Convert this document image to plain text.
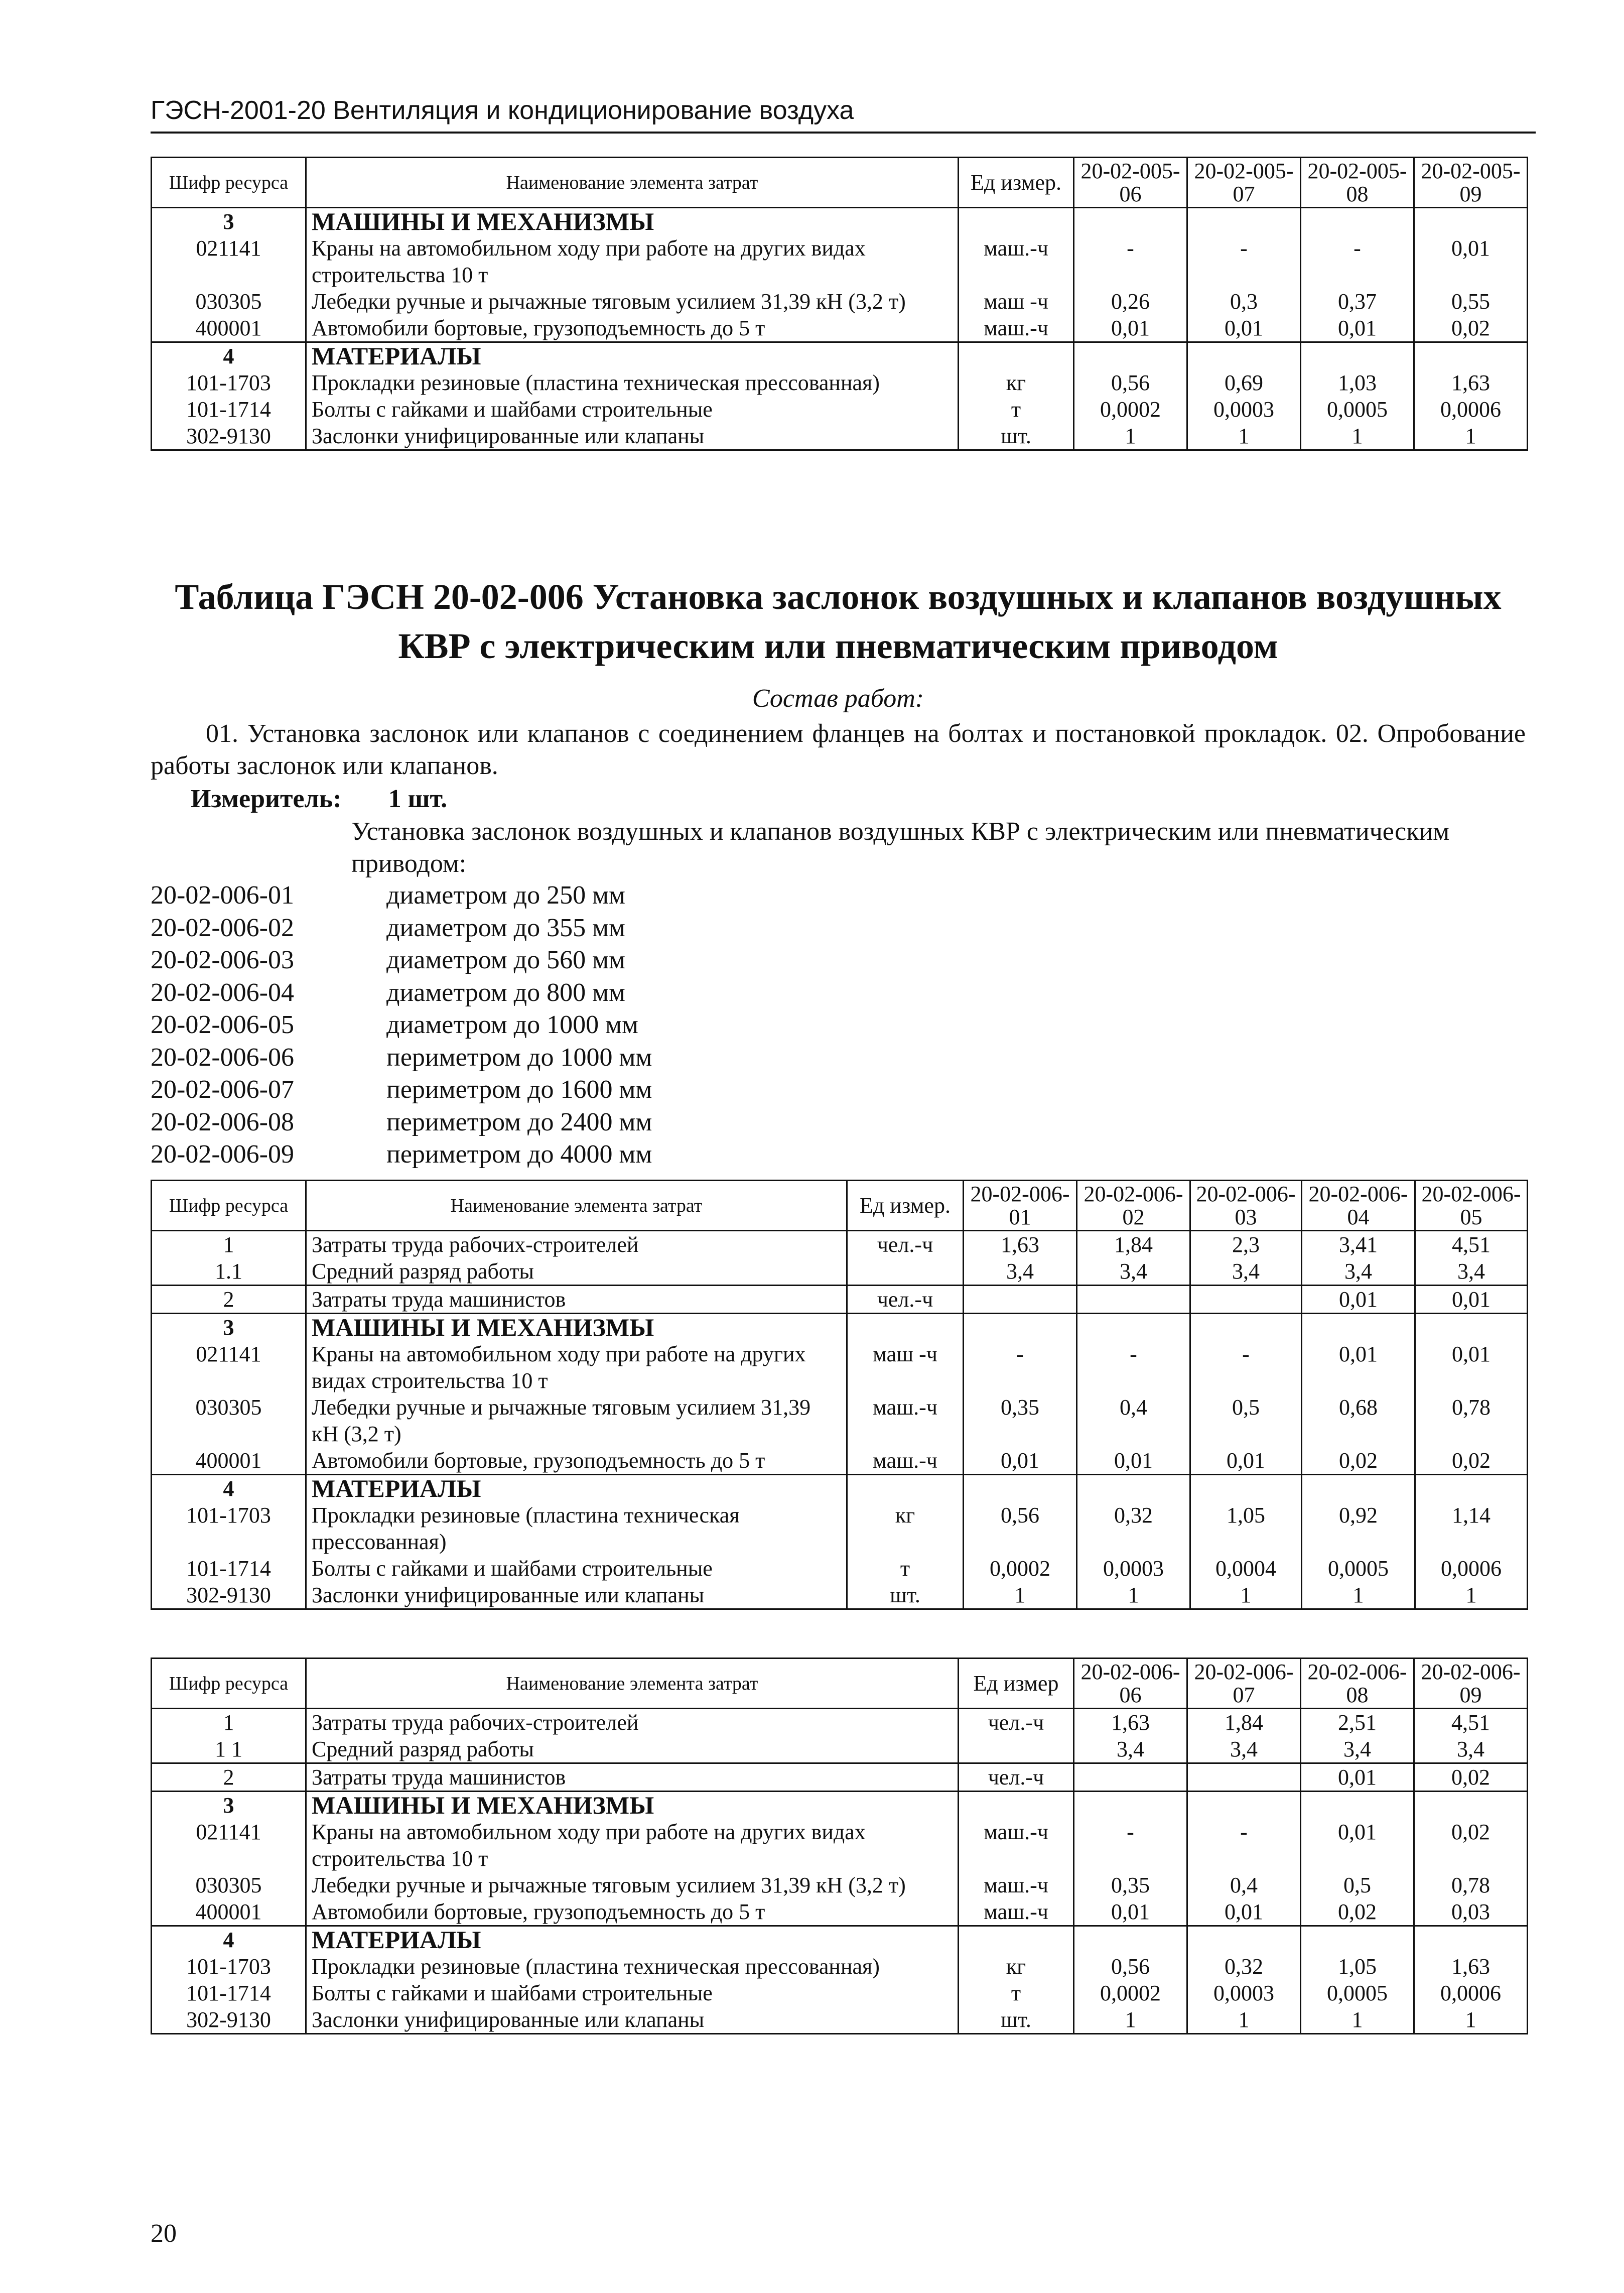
ГЭСН-2001-20 Вентиляция и кондиционирование воздуха
Шифр ресурса	Наименование элемента затрат	Ед измер.	20-02-005-06	20-02-005-07	20-02-005-08	20-02-005-09
3	МАШИНЫ И МЕХАНИЗМЫ					
021141	Краны на автомобильном ходу при работе на других видах строительства 10 т	маш.-ч	-	-	-	0,01
030305	Лебедки ручные и рычажные тяговым усилием 31,39 кН (3,2 т)	маш -ч	0,26	0,3	0,37	0,55
400001	Автомобили бортовые, грузоподъемность до 5 т	маш.-ч	0,01	0,01	0,01	0,02
4	МАТЕРИАЛЫ					
101-1703	Прокладки резиновые (пластина техническая прессованная)	кг	0,56	0,69	1,03	1,63
101-1714	Болты с гайками и шайбами строительные	т	0,0002	0,0003	0,0005	0,0006
302-9130	Заслонки унифицированные или клапаны	шт.	1	1	1	1
Таблица ГЭСН 20-02-006 Установка заслонок воздушных и клапанов воздушных КВР с электрическим или пневматическим приводом
Состав работ:
01. Установка заслонок или клапанов с соединением фланцев на болтах и постановкой прокладок. 02. Опробование работы заслонок или клапанов.
Измеритель: 1 шт.
Установка заслонок воздушных и клапанов воздушных КВР с электрическим или пневматическим приводом:
20-02-006-01	диаметром до 250 мм
20-02-006-02	диаметром до 355 мм
20-02-006-03	диаметром до 560 мм
20-02-006-04	диаметром до 800 мм
20-02-006-05	диаметром до 1000 мм
20-02-006-06	периметром до 1000 мм
20-02-006-07	периметром до 1600 мм
20-02-006-08	периметром до 2400 мм
20-02-006-09	периметром до 4000 мм
Шифр ресурса	Наименование элемента затрат	Ед измер.	20-02-006-01	20-02-006-02	20-02-006-03	20-02-006-04	20-02-006-05
1	Затраты труда рабочих-строителей	чел.-ч	1,63	1,84	2,3	3,41	4,51
1.1	Средний разряд работы		3,4	3,4	3,4	3,4	3,4
2	Затраты труда машинистов	чел.-ч				0,01	0,01
3	МАШИНЫ И МЕХАНИЗМЫ						
021141	Краны на автомобильном ходу при работе на других видах строительства 10 т	маш -ч	-	-	-	0,01	0,01
030305	Лебедки ручные и рычажные тяговым усилием 31,39 кН (3,2 т)	маш.-ч	0,35	0,4	0,5	0,68	0,78
400001	Автомобили бортовые, грузоподъемность до 5 т	маш.-ч	0,01	0,01	0,01	0,02	0,02
4	МАТЕРИАЛЫ						
101-1703	Прокладки резиновые (пластина техническая прессованная)	кг	0,56	0,32	1,05	0,92	1,14
101-1714	Болты с гайками и шайбами строительные	т	0,0002	0,0003	0,0004	0,0005	0,0006
302-9130	Заслонки унифицированные или клапаны	шт.	1	1	1	1	1
Шифр ресурса	Наименование элемента затрат	Ед измер	20-02-006-06	20-02-006-07	20-02-006-08	20-02-006-09
1	Затраты труда рабочих-строителей	чел.-ч	1,63	1,84	2,51	4,51
1 1	Средний разряд работы		3,4	3,4	3,4	3,4
2	Затраты труда машинистов	чел.-ч			0,01	0,02
3	МАШИНЫ И МЕХАНИЗМЫ					
021141	Краны на автомобильном ходу при работе на других видах строительства 10 т	маш.-ч	-	-	0,01	0,02
030305	Лебедки ручные и рычажные тяговым усилием 31,39 кН (3,2 т)	маш.-ч	0,35	0,4	0,5	0,78
400001	Автомобили бортовые, грузоподъемность до 5 т	маш.-ч	0,01	0,01	0,02	0,03
4	МАТЕРИАЛЫ					
101-1703	Прокладки резиновые (пластина техническая прессованная)	кг	0,56	0,32	1,05	1,63
101-1714	Болты с гайками и шайбами строительные	т	0,0002	0,0003	0,0005	0,0006
302-9130	Заслонки унифицированные или клапаны	шт.	1	1	1	1
20
